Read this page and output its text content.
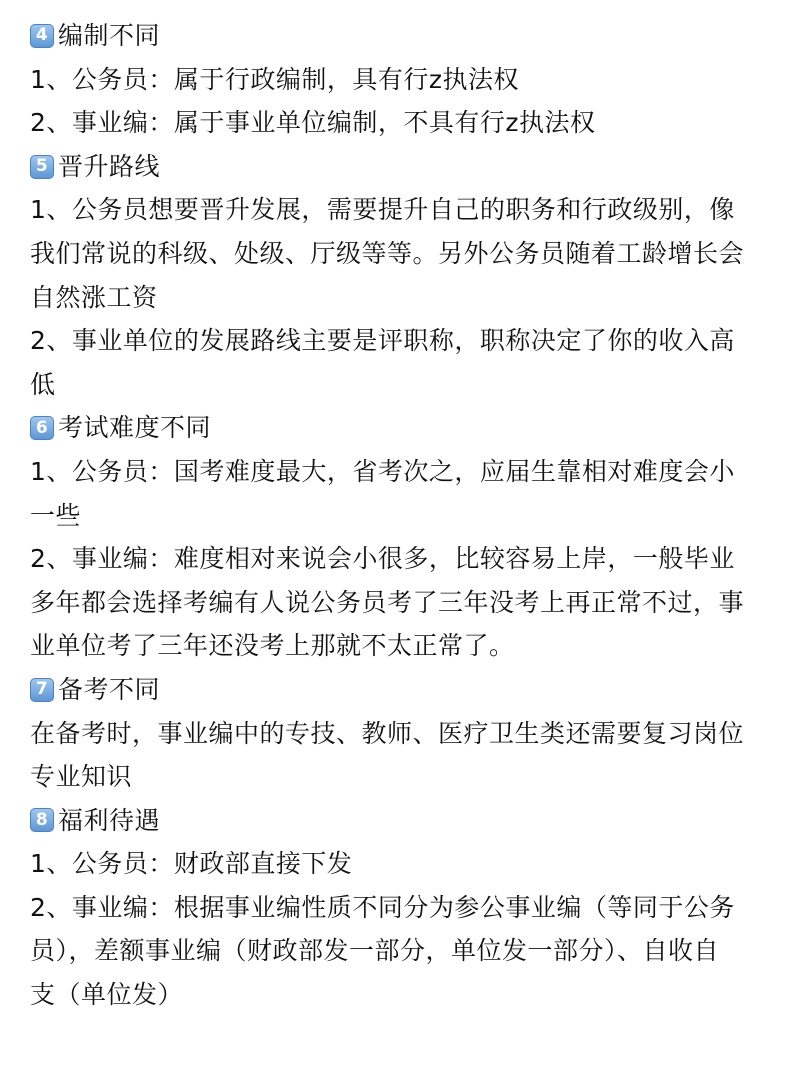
4 编制不同
1、公务员：属于行政编制，具有行z执法权
2、事业编：属于事业单位编制，不具有行z执法权
5 晋升路线
1、公务员想要晋升发展，需要提升自己的职务和行政级别，像
我们常说的科级、处级、厅级等等。另外公务员随着工龄增长会
自然涨工资
2、事业单位的发展路线主要是评职称，职称决定了你的收入高
低
6 考试难度不同
1、公务员：国考难度最大，省考次之，应届生靠相对难度会小
一些
2、事业编：难度相对来说会小很多，比较容易上岸，一般毕业
多年都会选择考编有人说公务员考了三年没考上再正常不过，事
业单位考了三年还没考上那就不太正常了。
7 备考不同
在备考时，事业编中的专技、教师、医疗卫生类还需要复习岗位
专业知识
8 福利待遇
1、公务员：财政部直接下发
2、事业编：根据事业编性质不同分为参公事业编（等同于公务
员），差额事业编（财政部发一部分，单位发一部分）、自收自
支（单位发）
